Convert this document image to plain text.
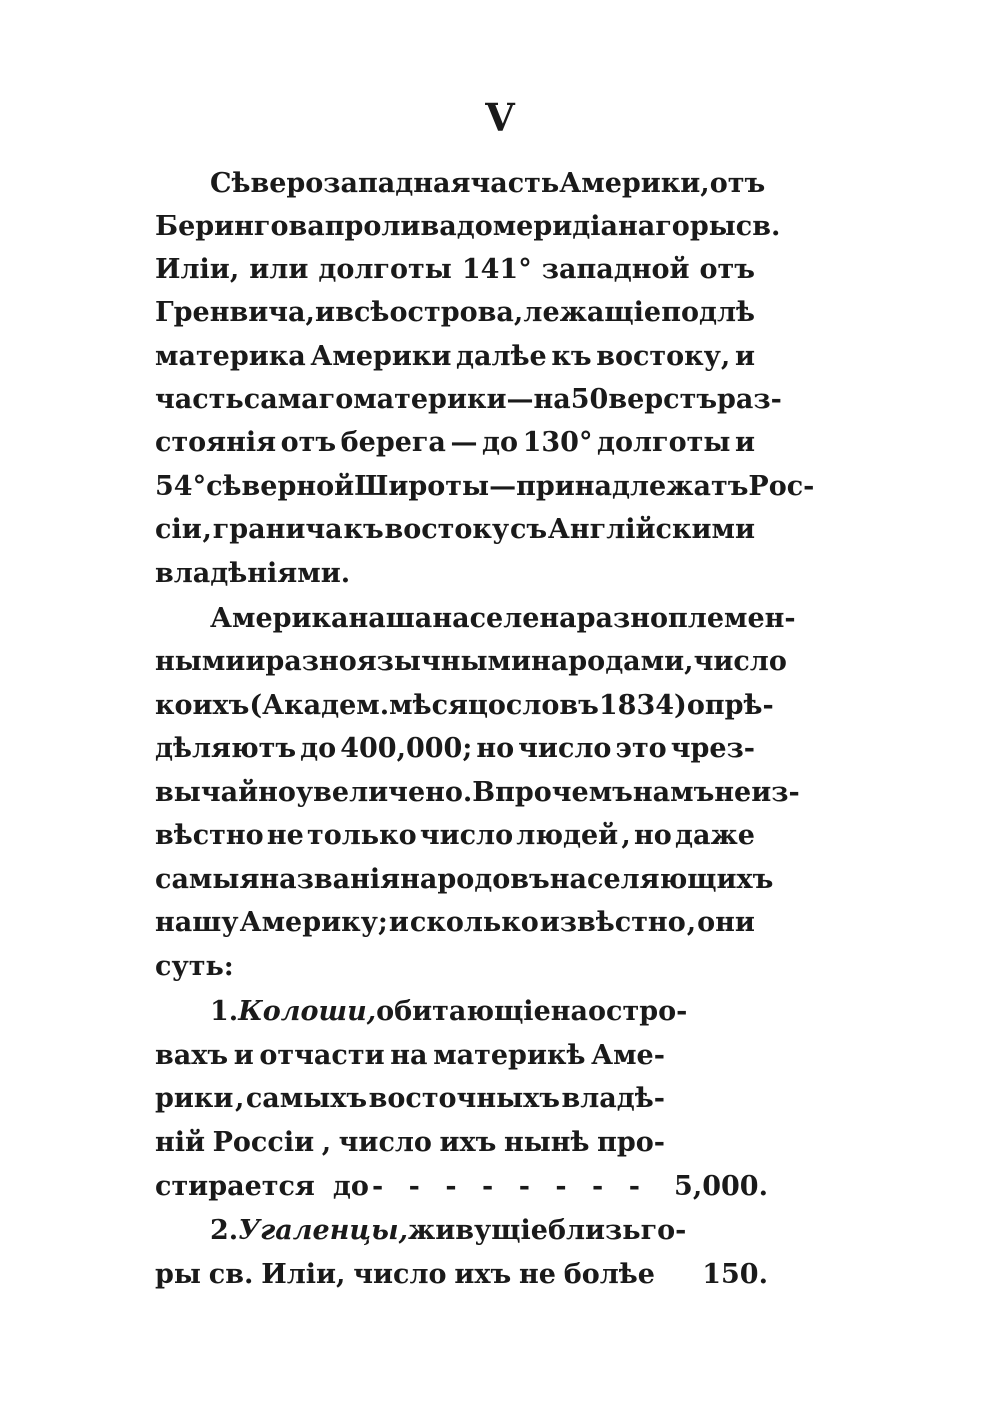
V
Сѣверозападная часть Америки, отъ
Берингова пролива до меридіана горы св.
Иліи, или долготы 141° западной отъ
Гренвича, и всѣ острова, лежащіе подлѣ
материка Америки далѣе къ востоку, и
часть самаго материки—на 50 верстъ раз-
стоянія отъ берега — до 130° долготы и
54° сѣверной Широты—принадлежатъ Рос-
сіи , гранича къ востоку съ Англійскими
владѣніями.
Америка наша населена разноплемен-
ными и разноязычными народами , число
коихъ (Академ. мѣсяцословъ 1834) опрѣ-
дѣляютъ до 400,000; но число это чрез-
вычайно увеличено. Впрочемъ намъ неиз-
вѣстно не только число людей , но даже
самыя названія народовъ населяющихъ
нашу Америку; и сколько извѣстно , они
суть:
1. Колоши, обитающіе на остро-
вахъ и отчасти на материкѣ Аме-
рики , самыхъ восточныхъ владѣ-
ній Россіи , число ихъ нынѣ про-
стирается до - - - - - - - -	5,000.
2. Угаленцы, живущіе близь го-
ры св. Иліи, число ихъ не болѣе	150.
